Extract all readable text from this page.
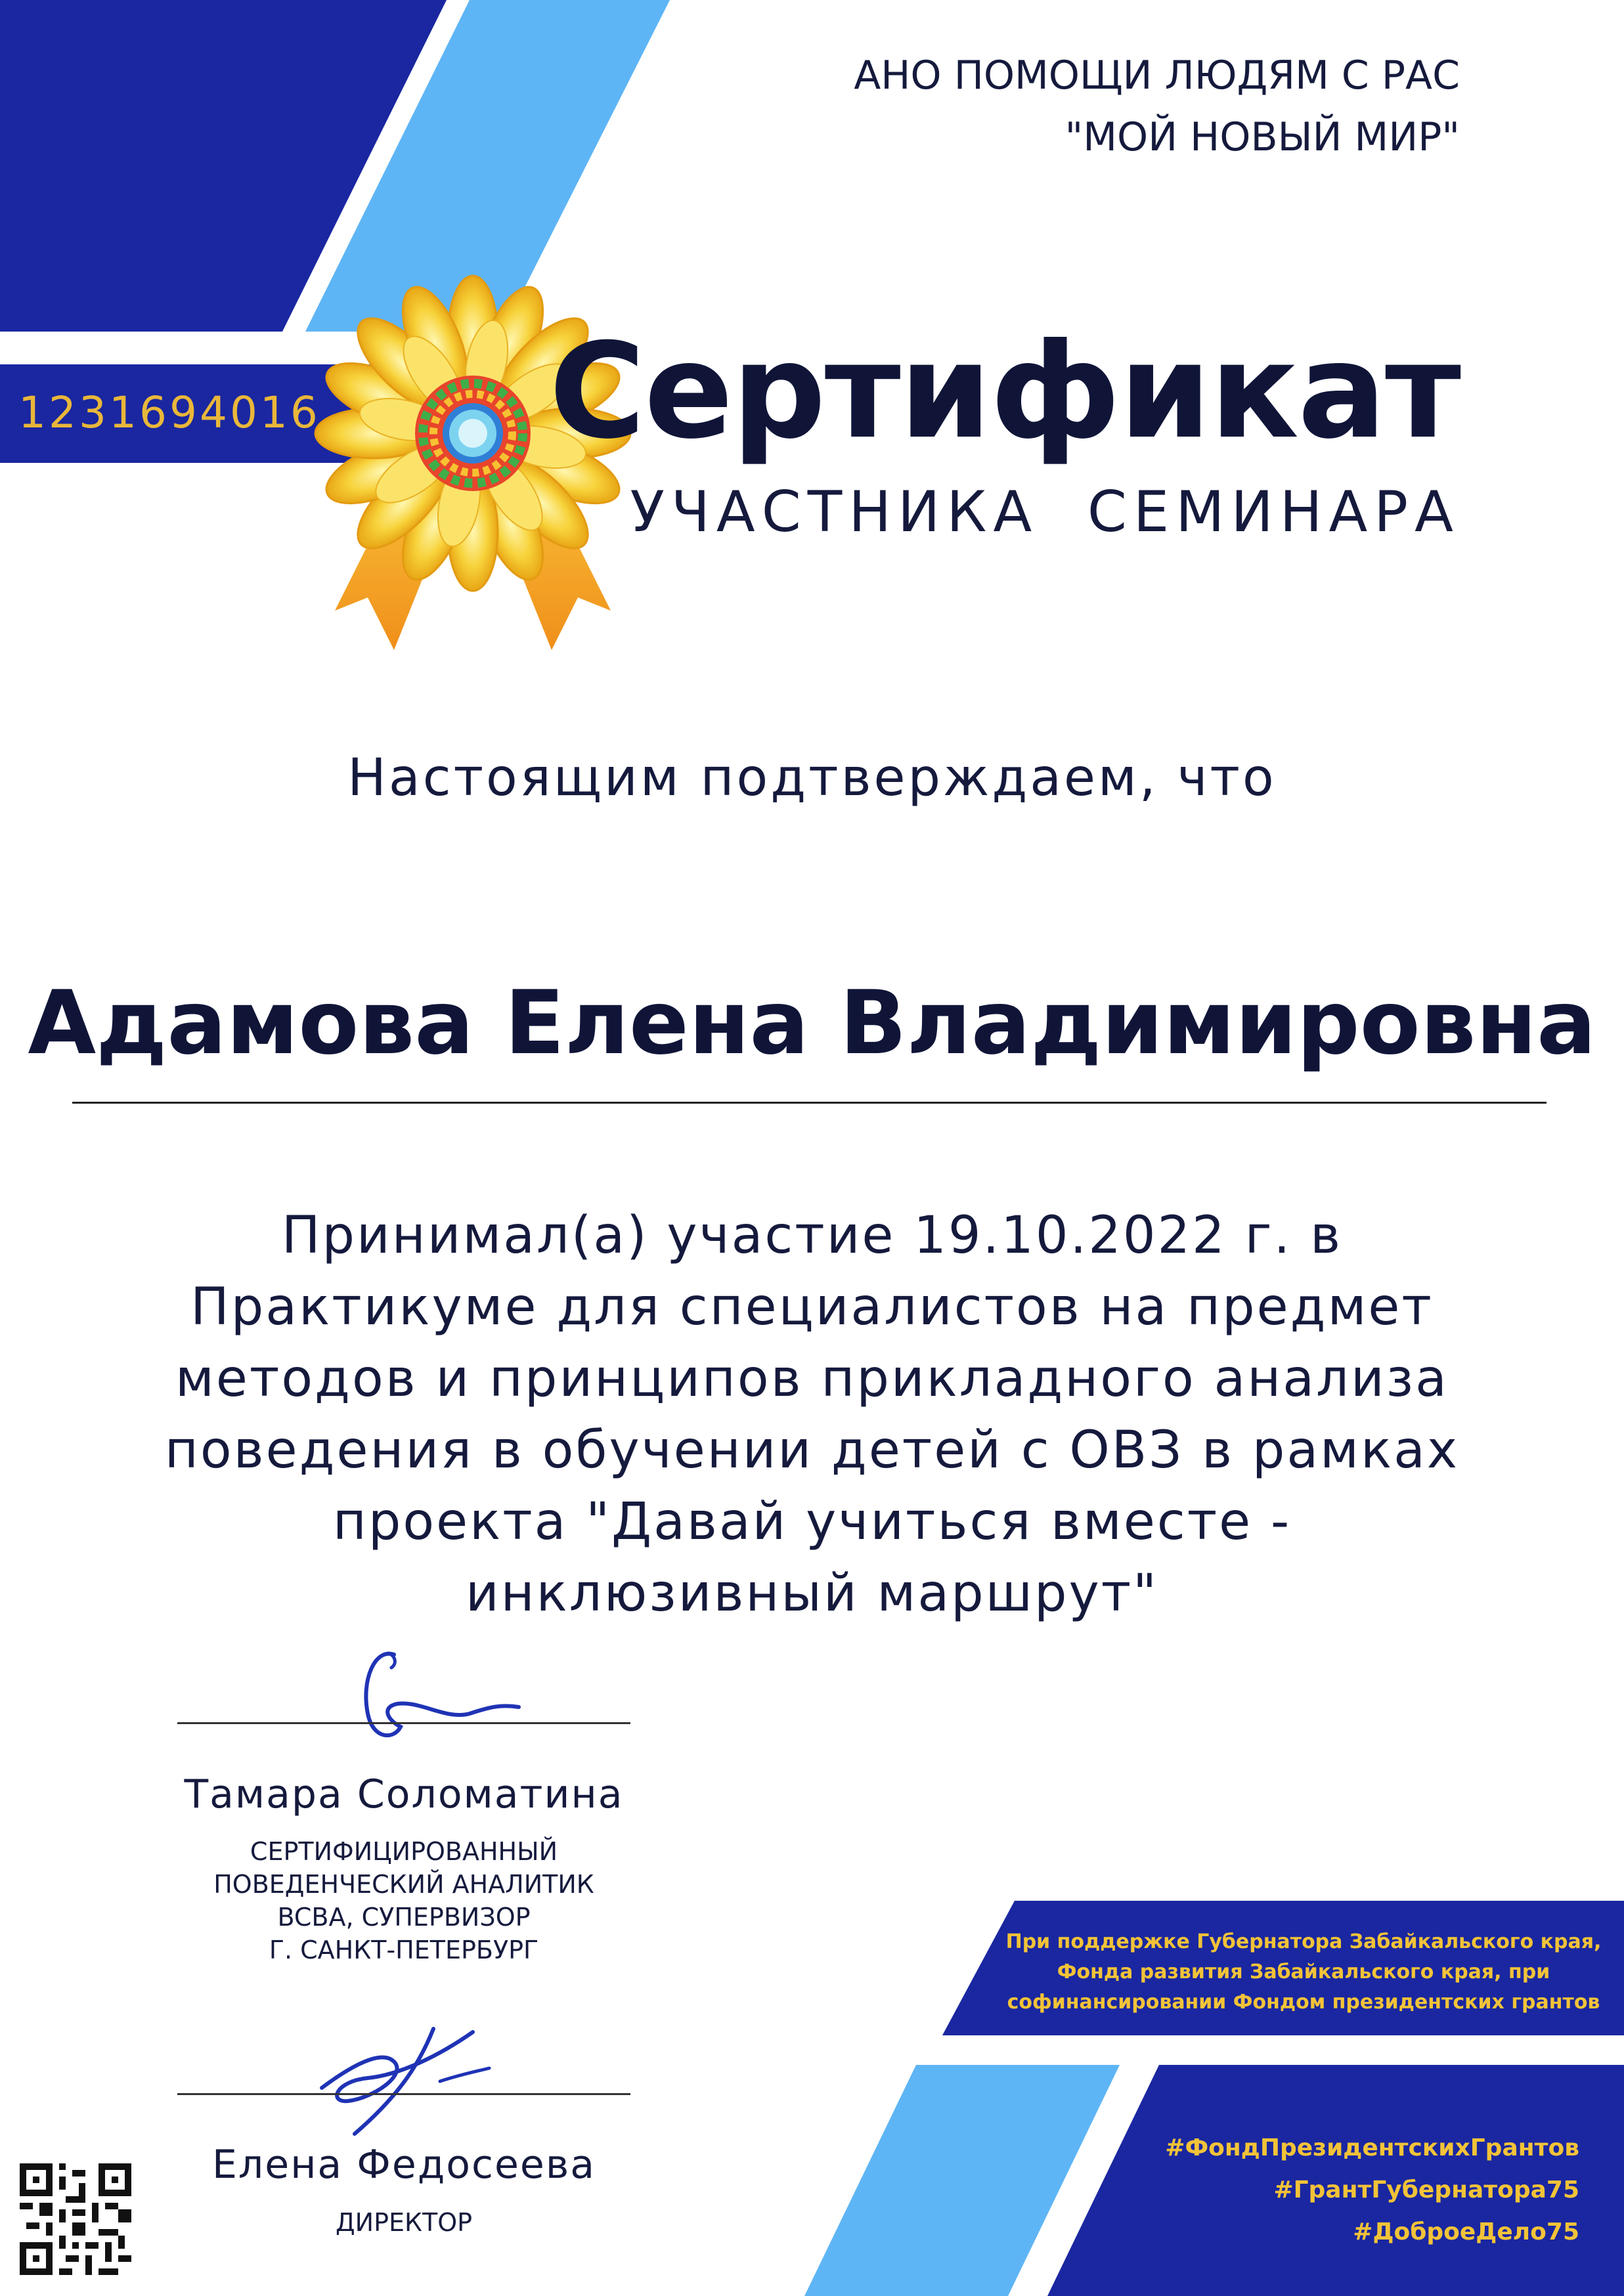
АНО ПОМОЩИ ЛЮДЯМ С РАС
"МОЙ НОВЫЙ МИР"
1231694016 Сертификат
УЧАСТНИКА  СЕМИНАРА
Настоящим подтверждаем, что
Адамова Елена Владимировна
Принимал(а) участие 19.10.2022 г. в
Практикуме для специалистов на предмет
методов и принципов прикладного анализа
поведения в обучении детей с ОВЗ в рамках
проекта "Давай учиться вместе -
инклюзивный маршрут"
Тамара Соломатина
СЕРТИФИЦИРОВАННЫЙ
ПОВЕДЕНЧЕСКИЙ АНАЛИТИК
BCBA, СУПЕРВИЗОР
Г. САНКТ-ПЕТЕРБУРГ
Елена Федосеева
ДИРЕКТОР
При поддержке Губернатора Забайкальского края,
Фонда развития Забайкальского края, при
софинансировании Фондом президентских грантов
#ФондПрезидентскихГрантов
#ГрантГубернатора75
#ДоброеДело75
